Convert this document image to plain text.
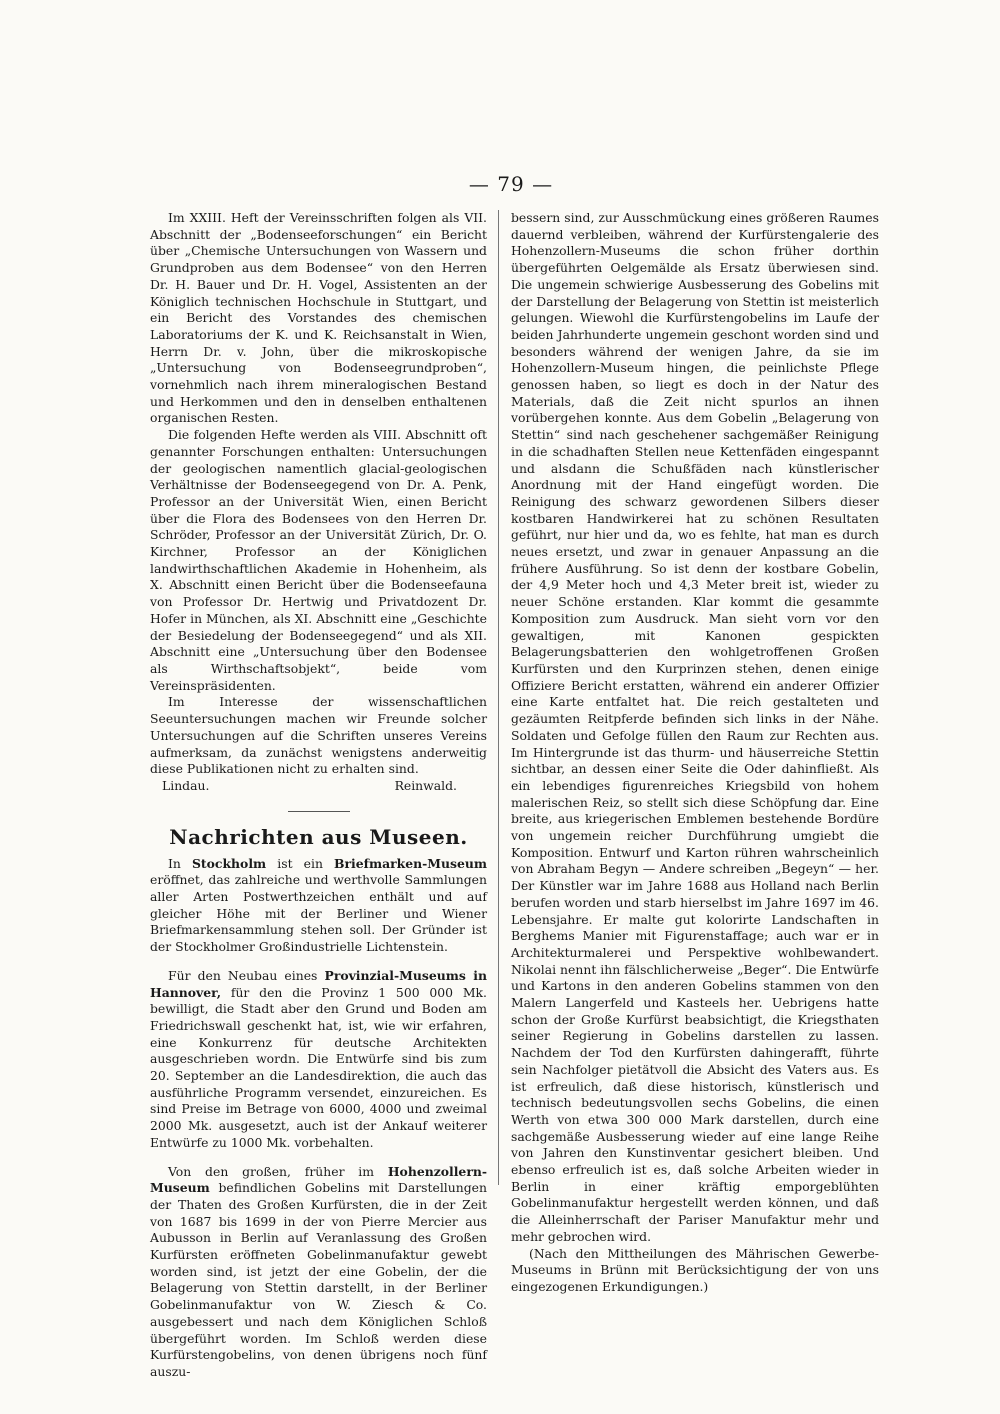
— 79 —

Im XXIII. Heft der Vereinsschriften folgen als VII. Abschnitt der „Bodenseeforschungen“ ein Bericht über „Chemische Untersuchungen von Wassern und Grundproben aus dem Bodensee“ von den Herren Dr. H. Bauer und Dr. H. Vogel, Assistenten an der Königlich technischen Hochschule in Stuttgart, und ein Bericht des Vorstandes des chemischen Laboratoriums der K. und K. Reichsanstalt in Wien, Herrn Dr. v. John, über die mikroskopische „Untersuchung von Bodenseegrundproben“, vornehmlich nach ihrem mineralogischen Bestand und Herkommen und den in denselben enthaltenen organischen Resten.

Die folgenden Hefte werden als VIII. Abschnitt oft genannter Forschungen enthalten: Untersuchungen der geologischen namentlich glacial-geologischen Verhältnisse der Bodenseegegend von Dr. A. Penk, Professor an der Universität Wien, einen Bericht über die Flora des Bodensees von den Herren Dr. Schröder, Professor an der Universität Zürich, Dr. O. Kirchner, Professor an der Königlichen landwirthschaftlichen Akademie in Hohenheim, als X. Abschnitt einen Bericht über die Bodenseefauna von Professor Dr. Hertwig und Privatdozent Dr. Hofer in München, als XI. Abschnitt eine „Geschichte der Besiedelung der Bodenseegegend“ und als XII. Abschnitt eine „Untersuchung über den Bodensee als Wirthschaftsobjekt“, beide vom Vereinspräsidenten.

Im Interesse der wissenschaftlichen Seeuntersuchungen machen wir Freunde solcher Untersuchungen auf die Schriften unseres Vereins aufmerksam, da zunächst wenigstens anderweitig diese Publikationen nicht zu erhalten sind.

Lindau.	Reinwald.
Nachrichten aus Museen.

In Stockholm ist ein Briefmarken-Museum eröffnet, das zahlreiche und werthvolle Sammlungen aller Arten Postwerthzeichen enthält und auf gleicher Höhe mit der Berliner und Wiener Briefmarkensammlung stehen soll. Der Gründer ist der Stockholmer Großindustrielle Lichtenstein.

Für den Neubau eines Provinzial-Museums in Hannover, für den die Provinz 1 500 000 Mk. bewilligt, die Stadt aber den Grund und Boden am Friedrichswall geschenkt hat, ist, wie wir erfahren, eine Konkurrenz für deutsche Architekten ausgeschrieben wordn. Die Entwürfe sind bis zum 20. September an die Landesdirektion, die auch das ausführliche Programm versendet, einzureichen. Es sind Preise im Betrage von 6000, 4000 und zweimal 2000 Mk. ausgesetzt, auch ist der Ankauf weiterer Entwürfe zu 1000 Mk. vorbehalten.

Von den großen, früher im Hohenzollern-Museum befindlichen Gobelins mit Darstellungen der Thaten des Großen Kurfürsten, die in der Zeit von 1687 bis 1699 in der von Pierre Mercier aus Aubusson in Berlin auf Veranlassung des Großen Kurfürsten eröffneten Gobelinmanufaktur gewebt worden sind, ist jetzt der eine Gobelin, der die Belagerung von Stettin darstellt, in der Berliner Gobelinmanufaktur von W. Ziesch & Co. ausgebessert und nach dem Königlichen Schloß übergeführt worden. Im Schloß werden diese Kurfürstengobelins, von denen übrigens noch fünf auszu-

bessern sind, zur Ausschmückung eines größeren Raumes dauernd verbleiben, während der Kurfürstengalerie des Hohenzollern-Museums die schon früher dorthin übergeführten Oelgemälde als Ersatz überwiesen sind. Die ungemein schwierige Ausbesserung des Gobelins mit der Darstellung der Belagerung von Stettin ist meisterlich gelungen. Wiewohl die Kurfürstengobelins im Laufe der beiden Jahrhunderte ungemein geschont worden sind und besonders während der wenigen Jahre, da sie im Hohenzollern-Museum hingen, die peinlichste Pflege genossen haben, so liegt es doch in der Natur des Materials, daß die Zeit nicht spurlos an ihnen vorübergehen konnte. Aus dem Gobelin „Belagerung von Stettin“ sind nach geschehener sachgemäßer Reinigung in die schadhaften Stellen neue Kettenfäden eingespannt und alsdann die Schußfäden nach künstlerischer Anordnung mit der Hand eingefügt worden. Die Reinigung des schwarz gewordenen Silbers dieser kostbaren Handwirkerei hat zu schönen Resultaten geführt, nur hier und da, wo es fehlte, hat man es durch neues ersetzt, und zwar in genauer Anpassung an die frühere Ausführung. So ist denn der kostbare Gobelin, der 4,9 Meter hoch und 4,3 Meter breit ist, wieder zu neuer Schöne erstanden. Klar kommt die gesammte Komposition zum Ausdruck. Man sieht vorn vor den gewaltigen, mit Kanonen gespickten Belagerungsbatterien den wohlgetroffenen Großen Kurfürsten und den Kurprinzen stehen, denen einige Offiziere Bericht erstatten, während ein anderer Offizier eine Karte entfaltet hat. Die reich gestalteten und gezäumten Reitpferde befinden sich links in der Nähe. Soldaten und Gefolge füllen den Raum zur Rechten aus. Im Hintergrunde ist das thurm- und häuserreiche Stettin sichtbar, an dessen einer Seite die Oder dahinfließt. Als ein lebendiges figurenreiches Kriegsbild von hohem malerischen Reiz, so stellt sich diese Schöpfung dar. Eine breite, aus kriegerischen Emblemen bestehende Bordüre von ungemein reicher Durchführung umgiebt die Komposition. Entwurf und Karton rühren wahrscheinlich von Abraham Begyn — Andere schreiben „Begeyn“ — her. Der Künstler war im Jahre 1688 aus Holland nach Berlin berufen worden und starb hierselbst im Jahre 1697 im 46. Lebensjahre. Er malte gut kolorirte Landschaften in Berghems Manier mit Figurenstaffage; auch war er in Architekturmalerei und Perspektive wohlbewandert. Nikolai nennt ihn fälschlicherweise „Beger“. Die Entwürfe und Kartons in den anderen Gobelins stammen von den Malern Langerfeld und Kasteels her. Uebrigens hatte schon der Große Kurfürst beabsichtigt, die Kriegsthaten seiner Regierung in Gobelins darstellen zu lassen. Nachdem der Tod den Kurfürsten dahingerafft, führte sein Nachfolger pietätvoll die Absicht des Vaters aus. Es ist erfreulich, daß diese historisch, künstlerisch und technisch bedeutungsvollen sechs Gobelins, die einen Werth von etwa 300 000 Mark darstellen, durch eine sachgemäße Ausbesserung wieder auf eine lange Reihe von Jahren den Kunstinventar gesichert bleiben. Und ebenso erfreulich ist es, daß solche Arbeiten wieder in Berlin in einer kräftig emporgeblühten Gobelinmanufaktur hergestellt werden können, und daß die Alleinherrschaft der Pariser Manufaktur mehr und mehr gebrochen wird.

(Nach den Mittheilungen des Mährischen Gewerbe-Museums in Brünn mit Berücksichtigung der von uns eingezogenen Erkundigungen.)
